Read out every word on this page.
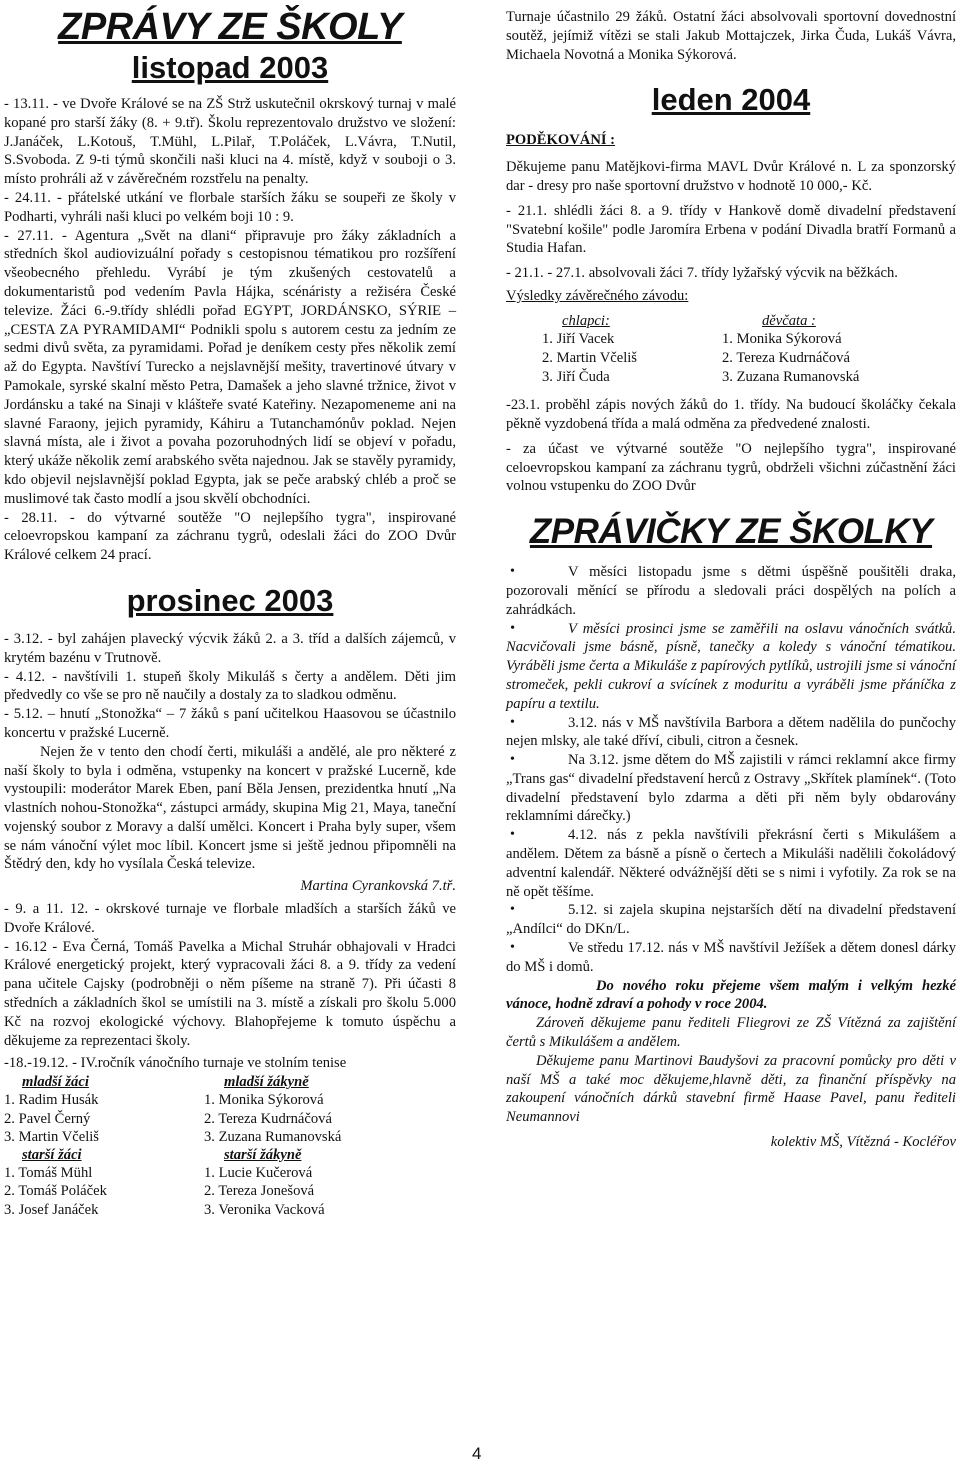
ZPRÁVY ZE ŠKOLY
listopad 2003

- 13.11. - ve Dvoře Králové se na ZŠ Strž uskutečnil okrskový turnaj v malé kopané pro starší žáky (8. + 9.tř). Školu reprezentovalo družstvo ve složení: J.Janáček, L.Kotouš, T.Mühl, L.Pilař, T.Poláček, L.Vávra, T.Nutil, S.Svoboda. Z 9-ti týmů skončili naši kluci na 4. místě, když v souboji o 3. místo prohráli až v závěrečném rozstřelu na penalty.

- 24.11. - přátelské utkání ve florbale starších žáku se soupeři ze školy v Podharti, vyhráli naši kluci po velkém boji 10 : 9.

- 27.11. - Agentura „Svět na dlani“ připravuje pro žáky základních a středních škol audiovizuální pořady s cestopisnou tématikou pro rozšíření všeobecného přehledu. Vyrábí je tým zkušených cestovatelů a dokumentaristů pod vedením Pavla Hájka, scénáristy a režisérа České televize. Žáci 6.-9.třídy shlédli pořad EGYPT, JORDÁNSKO, SÝRIE – „CESTA ZA PYRAMIDAMI“ Podnikli spolu s autorem cestu za jedním ze sedmi divů světa, za pyramidami. Pořad je deníkem cesty přes několik zemí až do Egypta. Navštíví Turecko a nejslavnější mešity, travertinové útvary v Pamokale, syrské skalní město Petra, Damašek a jeho slavné tržnice, život v Jordánsku a také na Sinaji v klášteře svaté Kateřiny. Nezapomeneme ani na slavné Faraony, jejich pyramidy, Káhiru a Tutanchamónův poklad. Nejen slavná místa, ale i život a povaha pozoruhodných lidí se objeví v pořadu, který ukáže několik zemí arabského světa najednou. Jak se stavěly pyramidy, kdo objevil nejslavnější poklad Egypta, jak se peče arabský chléb a proč se muslimové tak často modlí a jsou skvělí obchodníci.

- 28.11. - do výtvarné soutěže "O nejlepšího tygra", inspirované celoevropskou kampaní za záchranu tygrů, odeslali žáci do ZOO Dvůr Králové celkem 24 prací.

prosinec 2003

- 3.12. - byl zahájen plavecký výcvik žáků 2. a 3. tříd a dalších zájemců, v krytém bazénu v Trutnově.

- 4.12. - navštívili 1. stupeň školy Mikuláš s čerty a andělem. Děti jim předvedly co vše se pro ně naučily a dostaly za to sladkou odměnu.

- 5.12. – hnutí „Stonožka“ – 7 žáků s paní učitelkou Haasovou se účastnilo koncertu v pražské Lucerně.

Nejen že v tento den chodí čerti, mikuláši a andělé, ale pro některé z naší školy to byla i odměna, vstupenky na koncert v pražské Lucerně, kde vystoupili: moderátor Marek Eben, paní Běla Jensen, prezidentka hnutí „Na vlastních nohou-Stonožka“, zástupci armády, skupina Mig 21, Maya, taneční vojenský soubor z Moravy a další umělci. Koncert i Praha byly super, všem se nám vánoční výlet moc líbil. Koncert jsme si ještě jednou připomněli na Štědrý den, kdy ho vysílala Česká televize.

Martina Cyrankovská 7.tř.

- 9. a 11. 12. - okrskové turnaje ve florbale mladších a starších žáků ve Dvoře Králové.

- 16.12 - Eva Černá, Tomáš Pavelka a Michal Struhár obhajovali v Hradci Králové energetický projekt, který vypracovali žáci 8. a 9. třídy za vedení pana učitele Cajsky (podrobněji o něm píšeme na straně 7). Při účasti 8 středních a základních škol se umístili na 3. místě a získali pro školu 5.000 Kč na rozvoj ekologické výchovy. Blahopřejeme k tomuto úspěchu a děkujeme za reprezentaci školy.

-18.-19.12. - IV.ročník vánočního turnaje ve stolním tenise

mladší žáci	mladší žákyně
1. Radim Husák	1. Monika Sýkorová
2. Pavel Černý	2. Tereza Kudrnáčová
3. Martin Včeliš	3. Zuzana Rumanovská
starší žáci	starší žákyně
1. Tomáš Mühl	1. Lucie Kučerová
2. Tomáš Poláček	2. Tereza Jonešová
3. Josef Janáček	3. Veronika Vacková

Turnaje účastnilo 29 žáků. Ostatní žáci absolvovali sportovní dovednostní soutěž, jejímiž vítězi se stali Jakub Mottajczek, Jirka Čuda, Lukáš Vávra, Michaela Novotná a Monika Sýkorová.

leden 2004

PODĚKOVÁNÍ :

Děkujeme panu Matějkovi-firma MAVL Dvůr Králové n. L za sponzorský dar - dresy pro naše sportovní družstvo v hodnotě 10 000,- Kč.

- 21.1. shlédli žáci 8. a 9. třídy v Hankově domě divadelní představení "Svatební košile" podle Jaromíra Erbena v podání Divadla bratří Formanů a Studia Hafan.

- 21.1. - 27.1. absolvovali žáci 7. třídy lyžařský výcvik na běžkách.

Výsledky závěrečného závodu:

chlapci:	děvčata :
1. Jiří Vacek	1. Monika Sýkorová
2. Martin Včeliš	2. Tereza Kudrnáčová
3. Jiří Čuda	3. Zuzana Rumanovská

-23.1. proběhl zápis nových žáků do 1. třídy. Na budoucí školáčky čekala pěkně vyzdobená třída a malá odměna za předvedené znalosti.

- za účast ve výtvarné soutěže "O nejlepšího tygra", inspirované celoevropskou kampaní za záchranu tygrů, obdrželi všichni zúčastnění žáci volnou vstupenku do ZOO Dvůr

ZPRÁVIČKY ZE ŠKOLKY

• V měsíci listopadu jsme s dětmi úspěšně poušitěli draka, pozorovali měnící se přírodu a sledovali práci dospělých na polích a zahrádkách.

• V měsíci prosinci jsme se zaměřili na oslavu vánočních svátků. Nacvičovali jsme básně, písně, tanečky a koledy s vánoční tématikou. Vyráběli jsme čerta a Mikuláše z papírových pytlíků, ustrojili jsme si vánoční stromeček, pekli cukroví a svícínek z moduritu a vyráběli jsme přáníčka z papíru a textilu.

• 3.12. nás v MŠ navštívila Barbora a dětem nadělila do punčochy nejen mlsky, ale také dříví, cibuli, citron a česnek.

• Na 3.12. jsme dětem do MŠ zajistili v rámci reklamní akce firmy „Trans gas“ divadelní představení herců z Ostravy „Skřítek plamínek“. (Toto divadelní představení bylo zdarma a děti při něm byly obdarovány reklamními dárečky.)

• 4.12. nás z pekla navštívili překrásní čerti s Mikulášem a andělem. Dětem za básně a písně o čertech a Mikuláši nadělili čokoládový adventní kalendář. Některé odvážnější děti se s nimi i vyfotily. Za rok se na ně opět těšíme.

• 5.12. si zajela skupina nejstarších dětí na divadelní představení „Andílci“ do DKn/L.

• Ve středu 17.12. nás v MŠ navštívil Ježíšek a dětem donesl dárky do MŠ i domů.

Do nového roku přejeme všem malým i velkým hezké vánoce, hodně zdraví a pohody v roce 2004.

Zároveň děkujeme panu řediteli Fliegrovi ze ZŠ Vítězná za zajištění čertů s Mikulášem a andělem.

Děkujeme panu Martinovi Baudyšovi za pracovní pomůcky pro děti v naší MŠ a také moc děkujeme,hlavně děti, za finanční příspěvky na zakoupení vánočních dárků stavební firmě Haase Pavel, panu řediteli Neumannovi

kolektiv MŠ, Vítězná - Kocléřov

4
